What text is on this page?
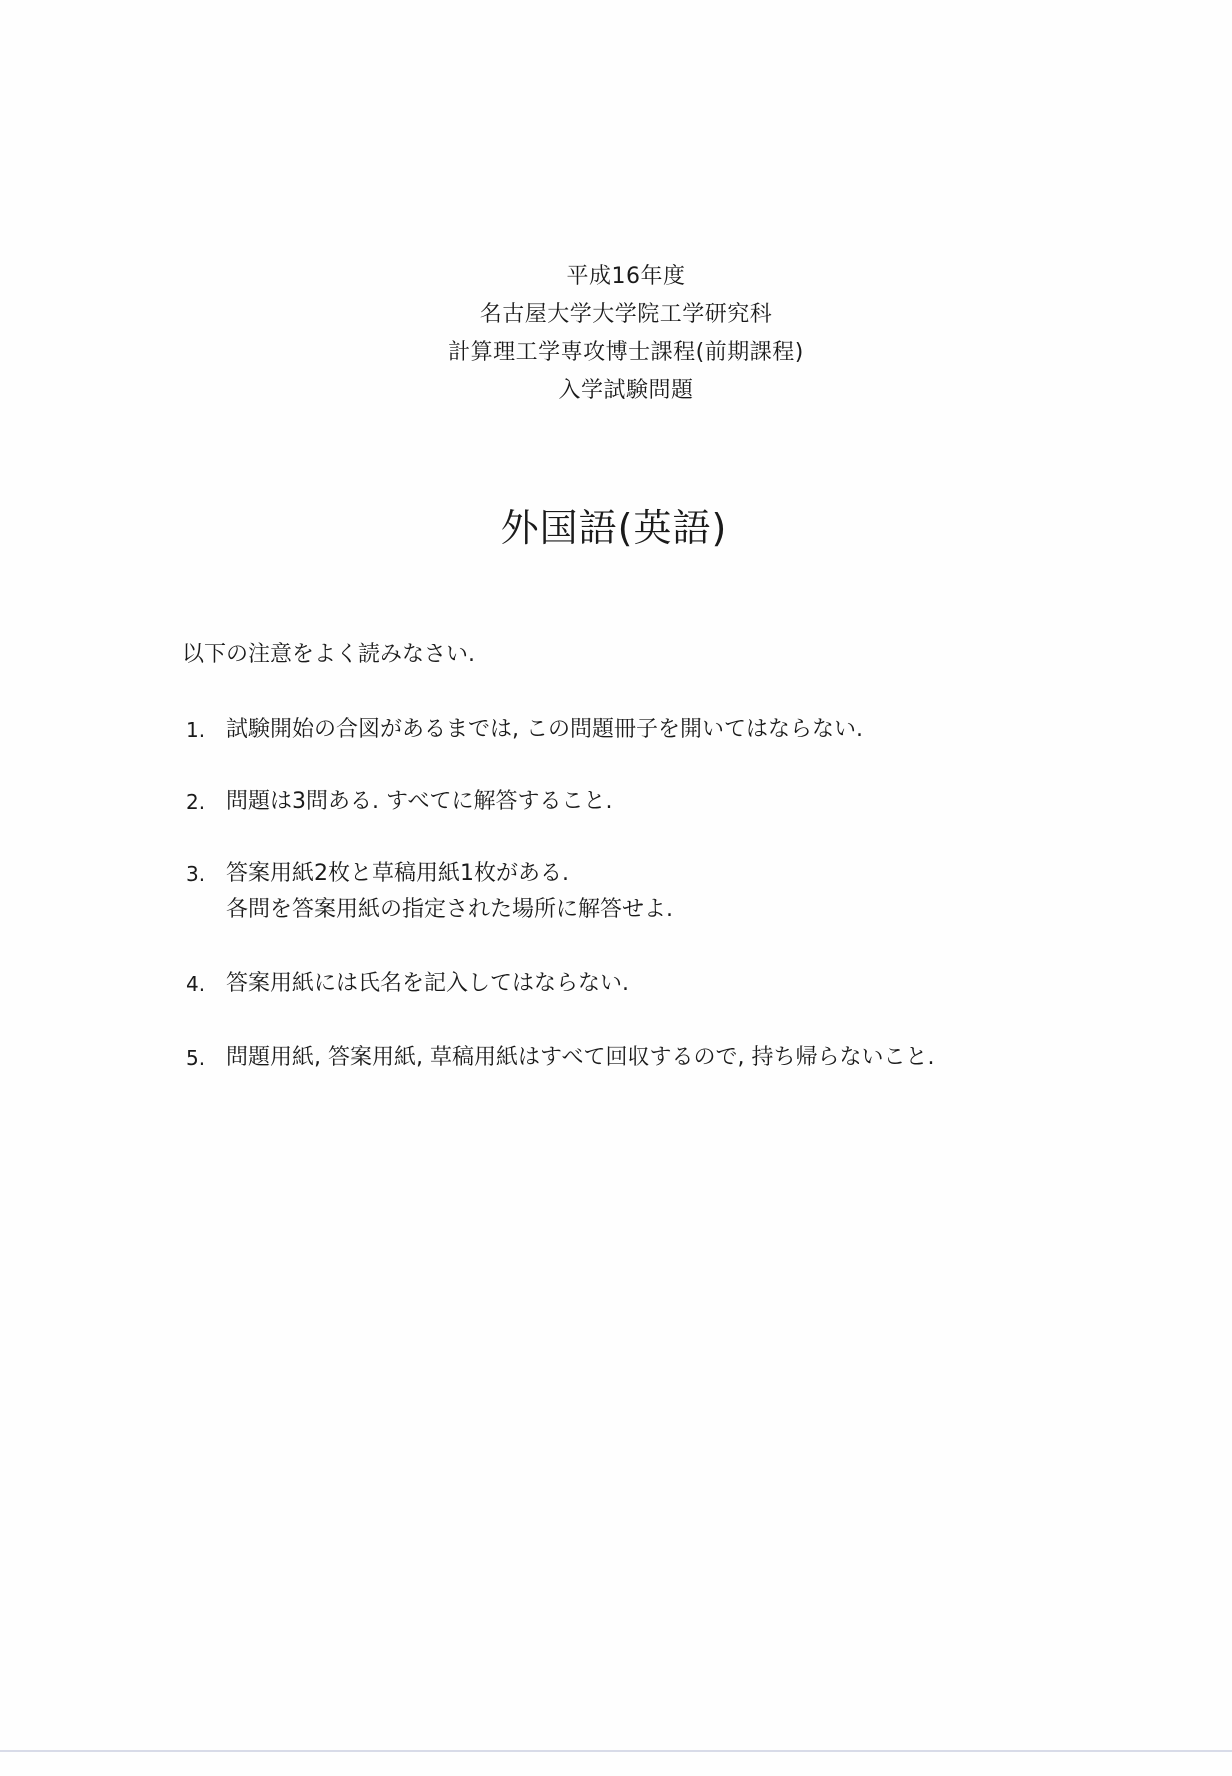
平成16年度
名古屋大学大学院工学研究科
計算理工学専攻博士課程(前期課程)
入学試験問題
外国語(英語)
以下の注意をよく読みなさい.
1. 試験開始の合図があるまでは, この問題冊子を開いてはならない.
2. 問題は3問ある. すべてに解答すること.
3. 答案用紙2枚と草稿用紙1枚がある.
各問を答案用紙の指定された場所に解答せよ.
4. 答案用紙には氏名を記入してはならない.
5. 問題用紙, 答案用紙, 草稿用紙はすべて回収するので, 持ち帰らないこと.
